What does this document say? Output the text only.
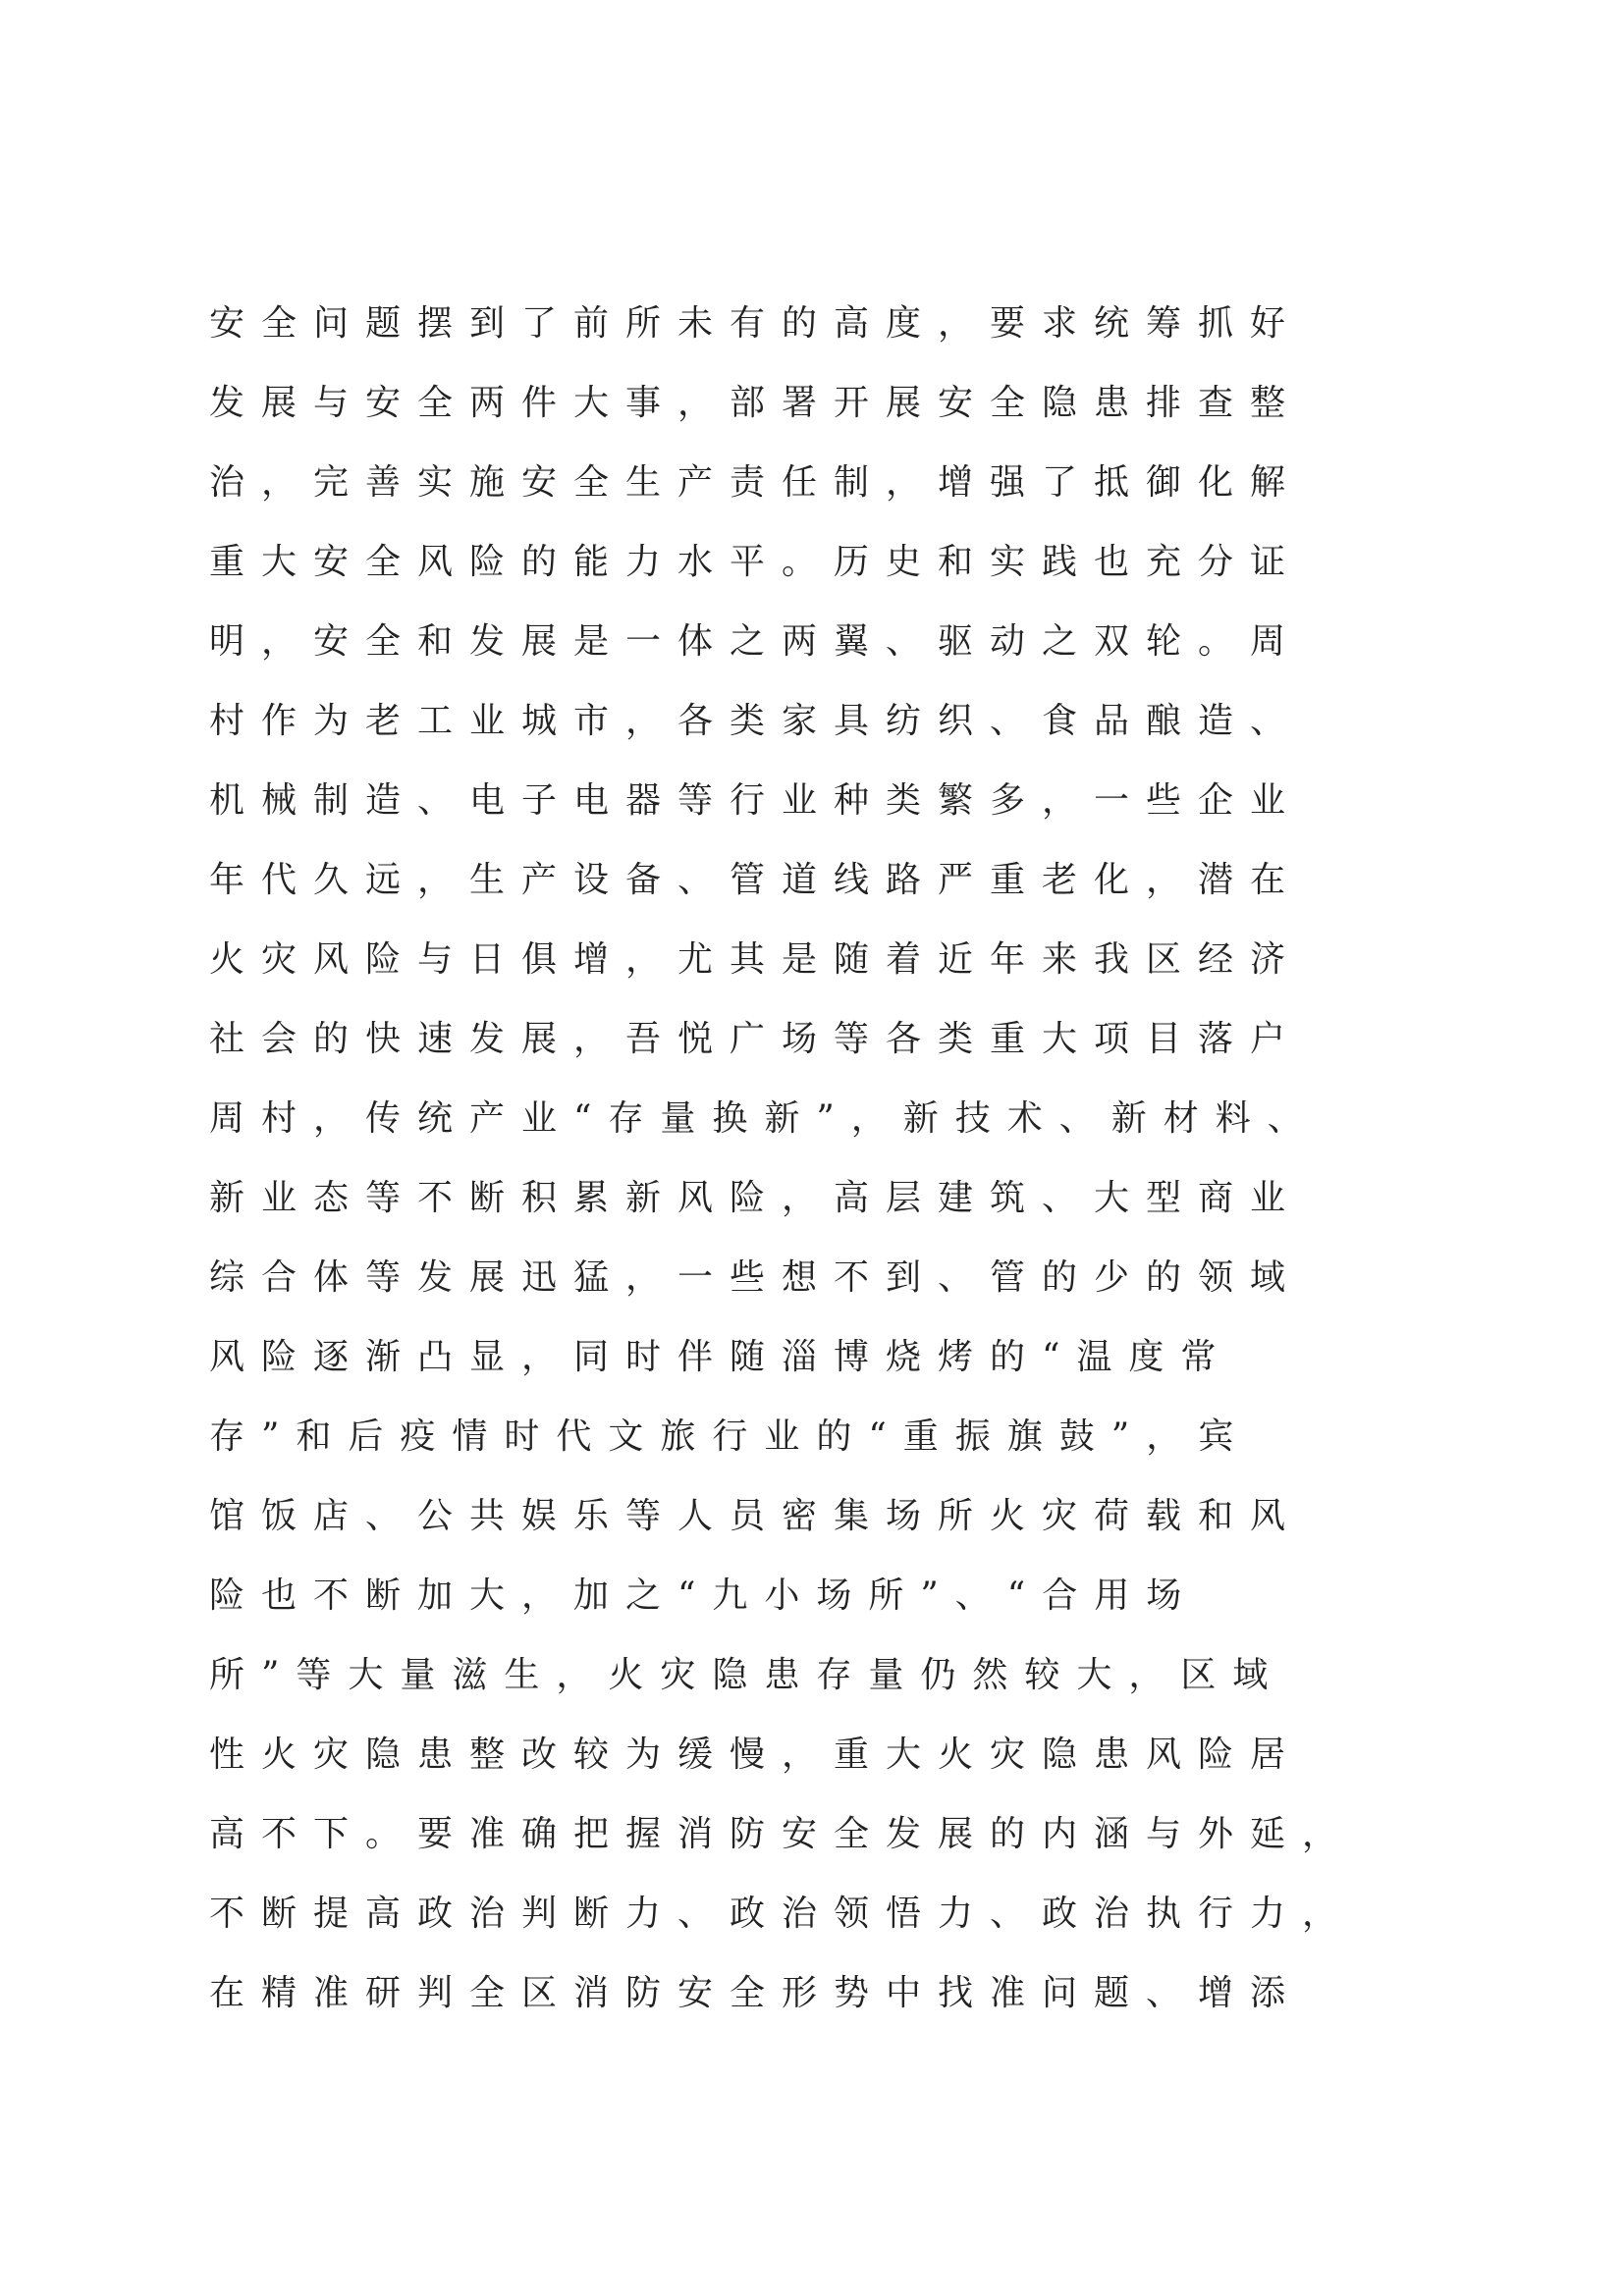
安全问题摆到了前所未有的高度，要求统筹抓好
发展与安全两件大事，部署开展安全隐患排查整
治，完善实施安全生产责任制，增强了抵御化解
重大安全风险的能力水平。历史和实践也充分证
明，安全和发展是一体之两翼、驱动之双轮。周
村作为老工业城市，各类家具纺织、食品酿造、
机械制造、电子电器等行业种类繁多，一些企业
年代久远，生产设备、管道线路严重老化，潜在
火灾风险与日俱增，尤其是随着近年来我区经济
社会的快速发展，吾悦广场等各类重大项目落户
周村，传统产业“存量换新”，新技术、新材料、
新业态等不断积累新风险，高层建筑、大型商业
综合体等发展迅猛，一些想不到、管的少的领域
风险逐渐凸显，同时伴随淄博烧烤的“温度常
存”和后疫情时代文旅行业的“重振旗鼓”，宾
馆饭店、公共娱乐等人员密集场所火灾荷载和风
险也不断加大，加之“九小场所”、“合用场
所”等大量滋生，火灾隐患存量仍然较大，区域
性火灾隐患整改较为缓慢，重大火灾隐患风险居
高不下。要准确把握消防安全发展的内涵与外延，
不断提高政治判断力、政治领悟力、政治执行力，
在精准研判全区消防安全形势中找准问题、增添
